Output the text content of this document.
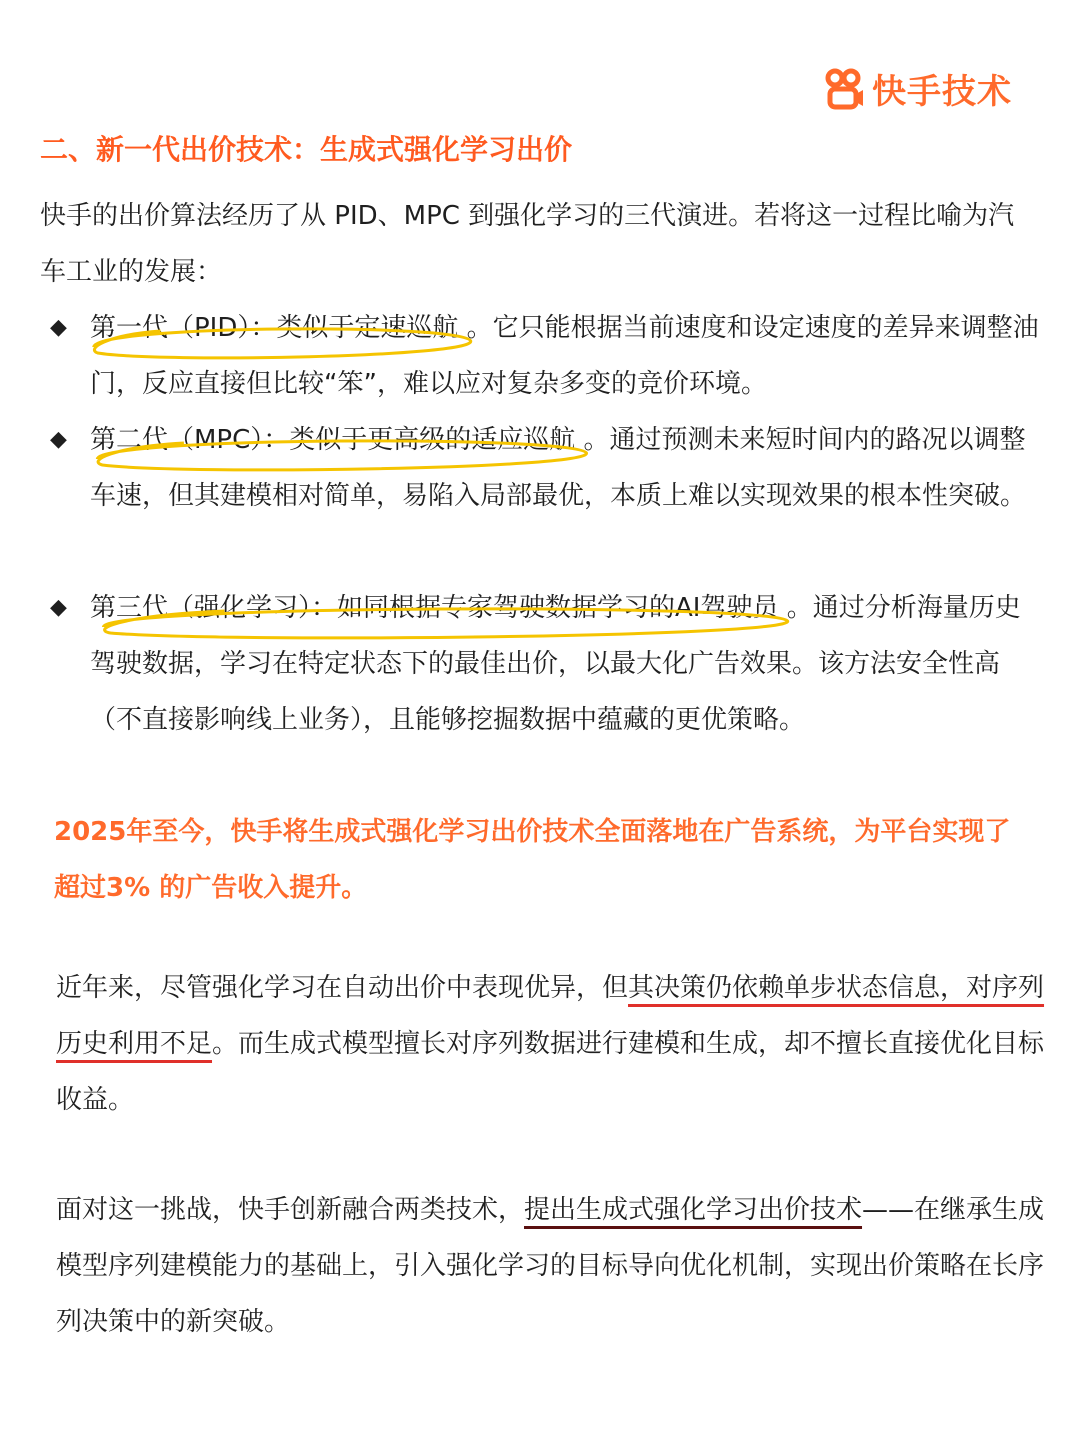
快手技术
二、新一代出价技术：生成式强化学习出价

快手的出价算法经历了从 PID、MPC 到强化学习的三代演进。若将这一过程比喻为汽车工业的发展：

◆ 第一代（PID）：类似于定速巡航 。它只能根据当前速度和设定速度的差异来调整油门，反应直接但比较“笨”，难以应对复杂多变的竞价环境。
◆ 第二代（MPC）：类似于更高级的适应巡航 。通过预测未来短时间内的路况以调整车速，但其建模相对简单，易陷入局部最优，本质上难以实现效果的根本性突破。
◆ 第三代（强化学习）：如同根据专家驾驶数据学习的AI驾驶员 。通过分析海量历史驾驶数据，学习在特定状态下的最佳出价，以最大化广告效果。该方法安全性高（不直接影响线上业务），且能够挖掘数据中蕴藏的更优策略。

2025年至今，快手将生成式强化学习出价技术全面落地在广告系统，为平台实现了超过3% 的广告收入提升。

近年来，尽管强化学习在自动出价中表现优异，但其决策仍依赖单步状态信息，对序列历史利用不足。而生成式模型擅长对序列数据进行建模和生成，却不擅长直接优化目标收益。

面对这一挑战，快手创新融合两类技术，提出生成式强化学习出价技术——在继承生成模型序列建模能力的基础上，引入强化学习的目标导向优化机制，实现出价策略在长序列决策中的新突破。
